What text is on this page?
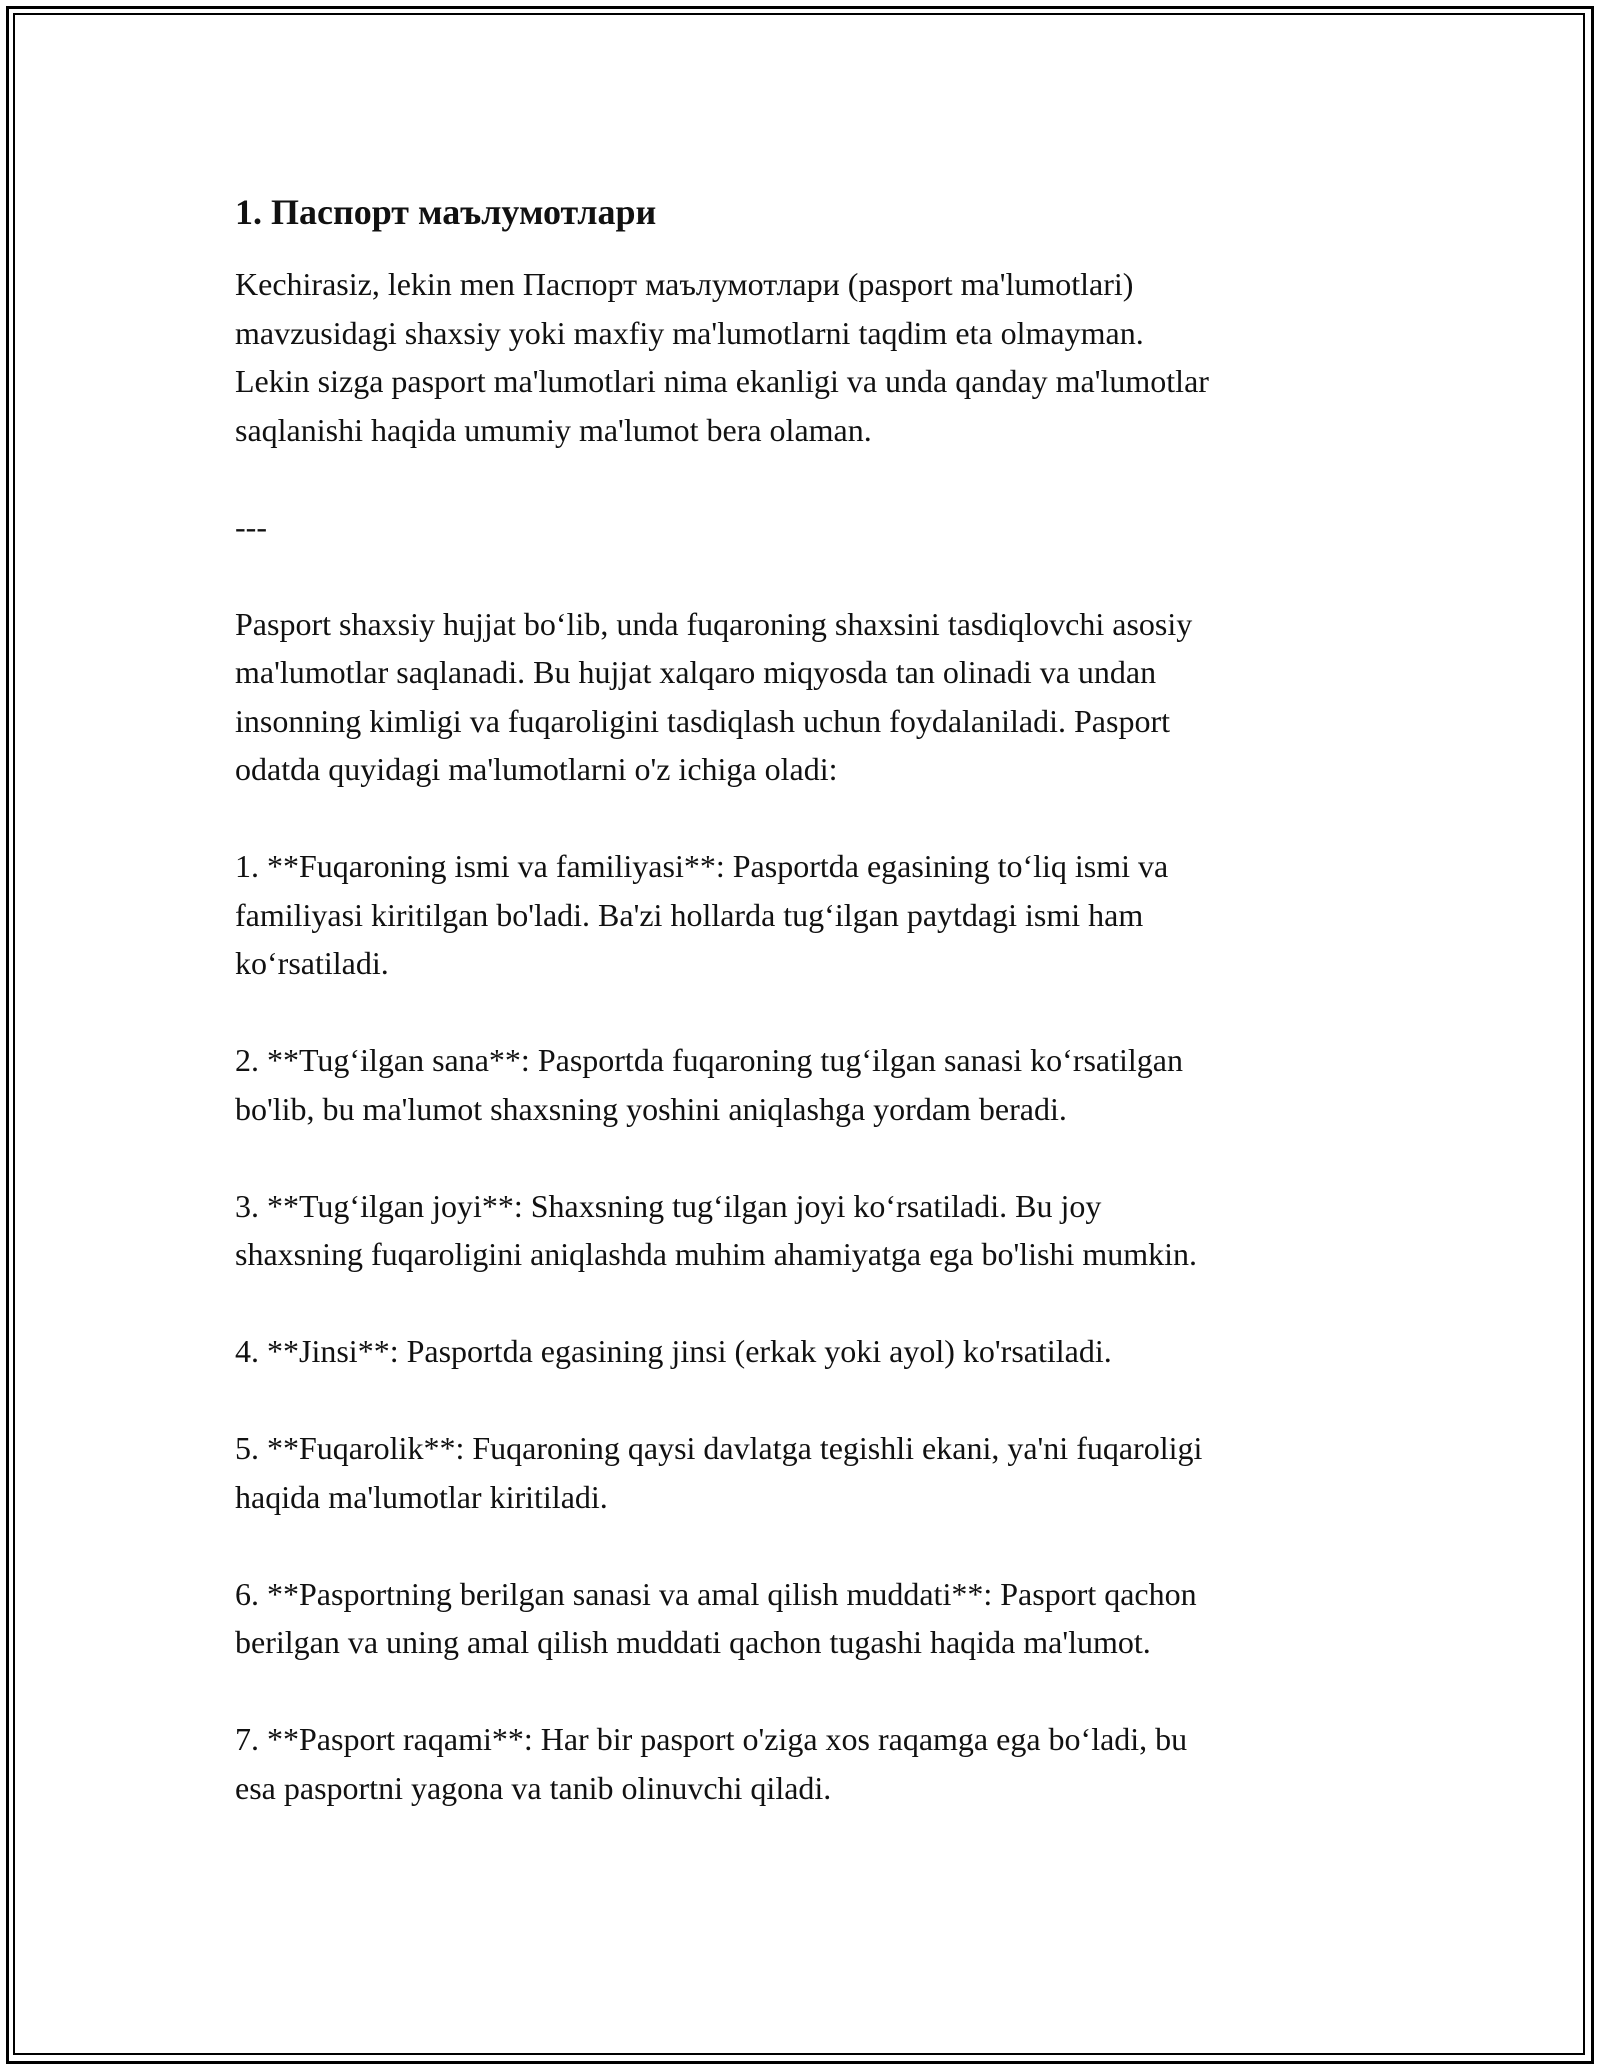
1. Паспорт маълумотлари

Kechirasiz, lekin men Паспорт маълумотлари (pasport ma'lumotlari)
mavzusidagi shaxsiy yoki maxfiy ma'lumotlarni taqdim eta olmayman.
Lekin sizga pasport ma'lumotlari nima ekanligi va unda qanday ma'lumotlar
saqlanishi haqida umumiy ma'lumot bera olaman.

---

Pasport shaxsiy hujjat bo‘lib, unda fuqaroning shaxsini tasdiqlovchi asosiy
ma'lumotlar saqlanadi. Bu hujjat xalqaro miqyosda tan olinadi va undan
insonning kimligi va fuqaroligini tasdiqlash uchun foydalaniladi. Pasport
odatda quyidagi ma'lumotlarni o'z ichiga oladi:

1. **Fuqaroning ismi va familiyasi**: Pasportda egasining to‘liq ismi va
familiyasi kiritilgan bo'ladi. Ba'zi hollarda tug‘ilgan paytdagi ismi ham
ko‘rsatiladi.

2. **Tug‘ilgan sana**: Pasportda fuqaroning tug‘ilgan sanasi ko‘rsatilgan
bo'lib, bu ma'lumot shaxsning yoshini aniqlashga yordam beradi.

3. **Tug‘ilgan joyi**: Shaxsning tug‘ilgan joyi ko‘rsatiladi. Bu joy
shaxsning fuqaroligini aniqlashda muhim ahamiyatga ega bo'lishi mumkin.

4. **Jinsi**: Pasportda egasining jinsi (erkak yoki ayol) ko'rsatiladi.

5. **Fuqarolik**: Fuqaroning qaysi davlatga tegishli ekani, ya'ni fuqaroligi
haqida ma'lumotlar kiritiladi.

6. **Pasportning berilgan sanasi va amal qilish muddati**: Pasport qachon
berilgan va uning amal qilish muddati qachon tugashi haqida ma'lumot.

7. **Pasport raqami**: Har bir pasport o'ziga xos raqamga ega bo‘ladi, bu
esa pasportni yagona va tanib olinuvchi qiladi.
